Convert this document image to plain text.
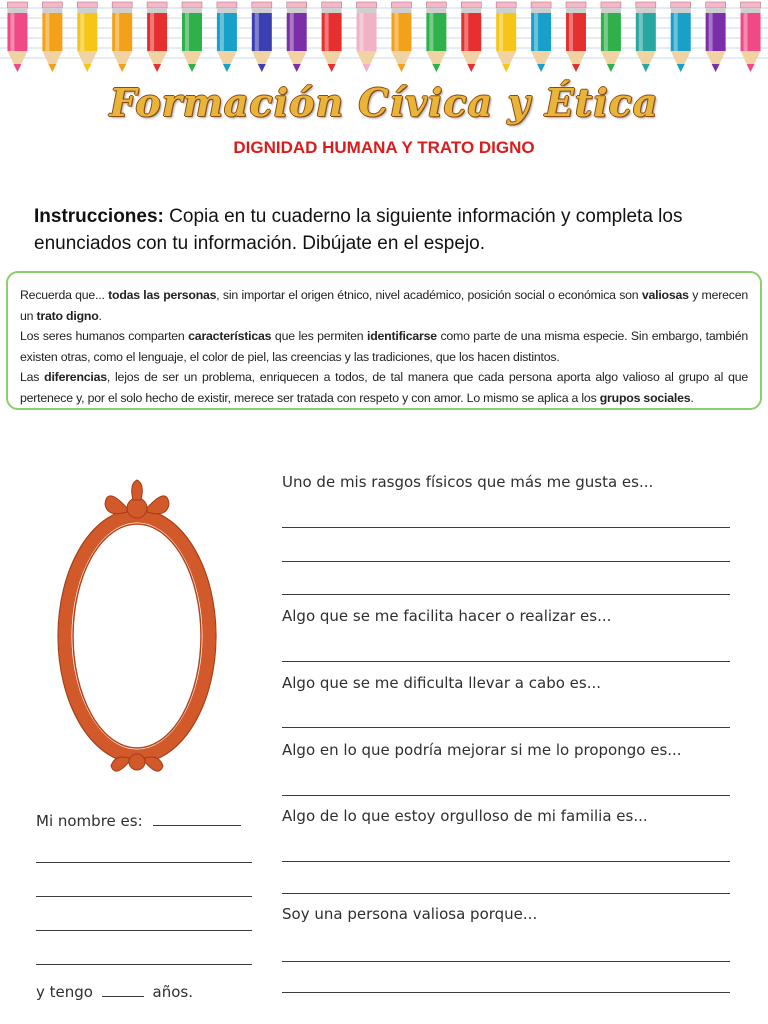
Formación Cívica y Ética
DIGNIDAD HUMANA Y TRATO DIGNO
Instrucciones: Copia en tu cuaderno la siguiente información y completa los enunciados con tu información. Dibújate en el espejo.

Recuerda que... todas las personas, sin importar el origen étnico, nivel académico, posición social o económica son valiosas y merecen un trato digno.

Los seres humanos comparten características que les permiten identificarse como parte de una misma especie. Sin embargo, también existen otras, como el lenguaje, el color de piel, las creencias y las tradiciones, que los hacen distintos.

Las diferencias, lejos de ser un problema, enriquecen a todos, de tal manera que cada persona aporta algo valioso al grupo al que pertenece y, por el solo hecho de existir, merece ser tratada con respeto y con amor. Lo mismo se aplica a los grupos sociales.

Uno de mis rasgos físicos que más me gusta es...
Algo que se me facilita hacer o realizar es...
Algo que se me dificulta llevar a cabo es...
Algo en lo que podría mejorar si me lo propongo es...
Algo de lo que estoy orgulloso de mi familia es...
Soy una persona valiosa porque...
Mi nombre es:
y tengo	años.
